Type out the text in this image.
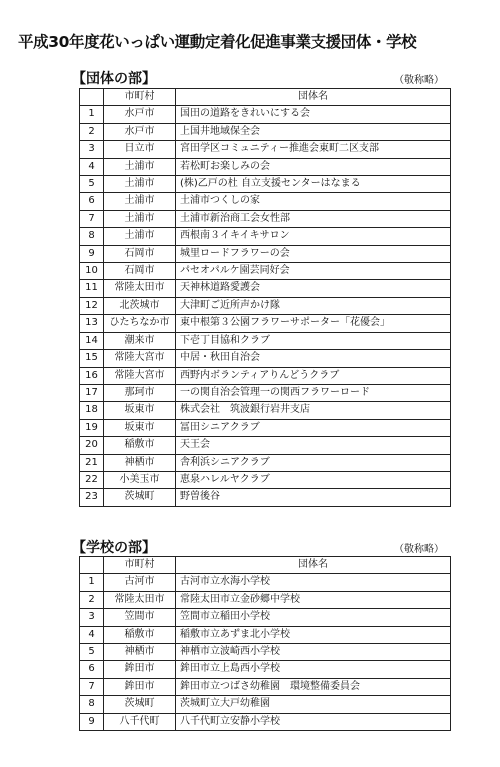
平成30年度花いっぱい運動定着化促進事業支援団体・学校
【団体の部】	（敬称略）
	市町村	団体名
1	水戸市	国田の道路をきれいにする会
2	水戸市	上国井地域保全会
3	日立市	宮田学区コミュニティー推進会東町二区支部
4	土浦市	若松町お楽しみの会
5	土浦市	(株)乙戸の杜 自立支援センターはなまる
6	土浦市	土浦市つくしの家
7	土浦市	土浦市新治商工会女性部
8	土浦市	西根南３イキイキサロン
9	石岡市	城里ロードフラワーの会
10	石岡市	パセオパルケ園芸同好会
11	常陸太田市	天神林道路愛護会
12	北茨城市	大津町ご近所声かけ隊
13	ひたちなか市	東中根第３公園フラワーサポーター「花優会」
14	潮来市	下壱丁目協和クラブ
15	常陸大宮市	中居・秋田自治会
16	常陸大宮市	西野内ボランティアりんどうクラブ
17	那珂市	一の関自治会管理一の関西フラワーロード
18	坂東市	株式会社　筑波銀行岩井支店
19	坂東市	冨田シニアクラブ
20	稲敷市	天王会
21	神栖市	舎利浜シニアクラブ
22	小美玉市	恵泉ハレルヤクラブ
23	茨城町	野曽後谷
【学校の部】	（敬称略）
	市町村	団体名
1	古河市	古河市立水海小学校
2	常陸太田市	常陸太田市立金砂郷中学校
3	笠間市	笠間市立稲田小学校
4	稲敷市	稲敷市立あずま北小学校
5	神栖市	神栖市立波崎西小学校
6	鉾田市	鉾田市立上島西小学校
7	鉾田市	鉾田市立つばさ幼稚園　環境整備委員会
8	茨城町	茨城町立大戸幼稚園
9	八千代町	八千代町立安静小学校
